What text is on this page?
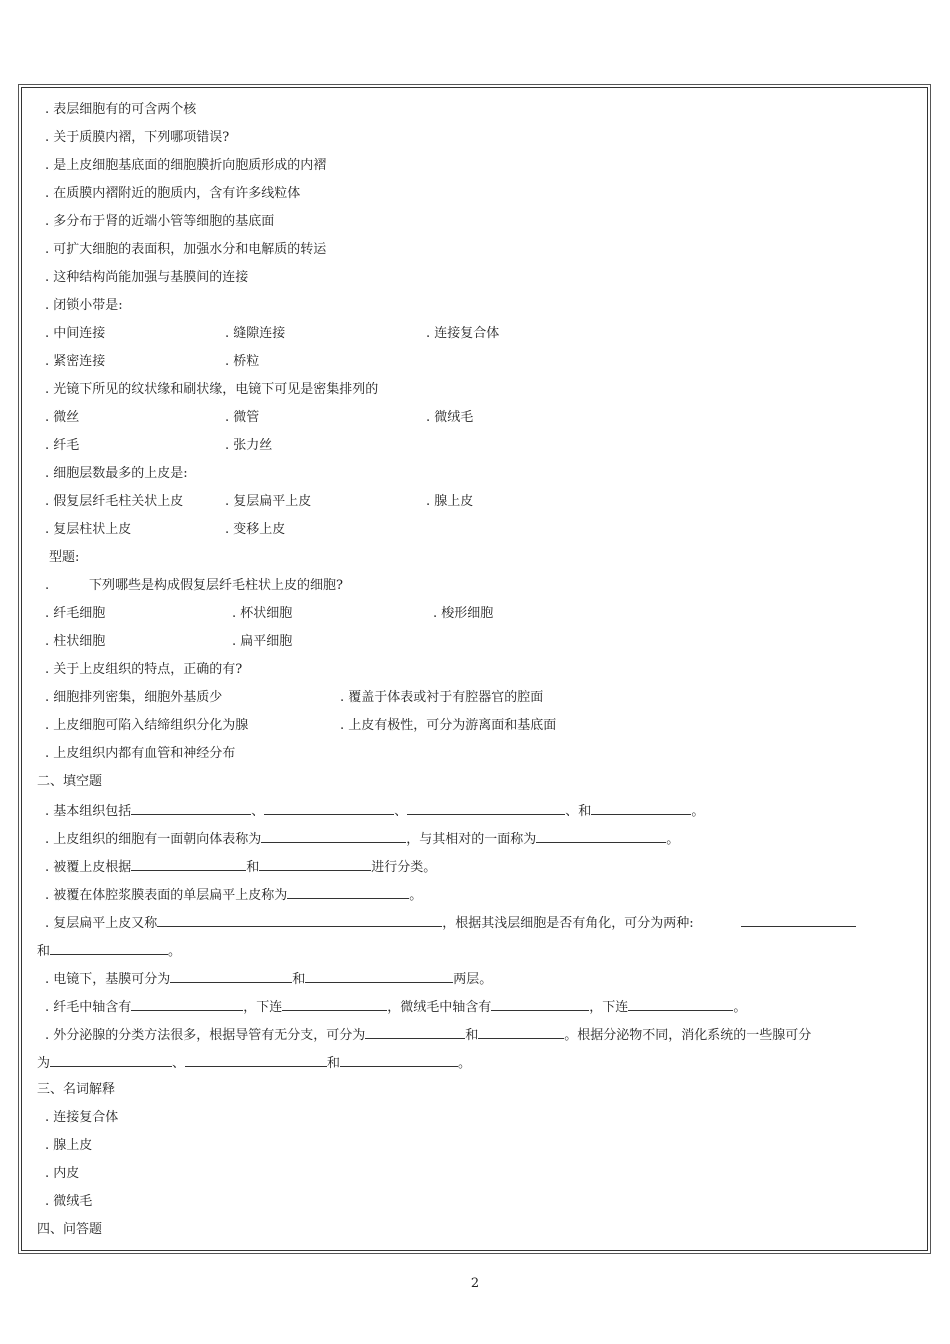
. 表层细胞有的可含两个核
. 关于质膜内褶，下列哪项错误?
. 是上皮细胞基底面的细胞膜折向胞质形成的内褶
. 在质膜内褶附近的胞质内，含有许多线粒体
. 多分布于肾的近端小管等细胞的基底面
. 可扩大细胞的表面积，加强水分和电解质的转运
. 这种结构尚能加强与基膜间的连接
. 闭锁小带是:
. 中间连接	. 缝隙连接	. 连接复合体
. 紧密连接	. 桥粒
. 光镜下所见的纹状缘和刷状缘，电镜下可见是密集排列的
. 微丝	. 微管	. 微绒毛
. 纤毛	. 张力丝
. 细胞层数最多的上皮是:
. 假复层纤毛柱关状上皮	. 复层扁平上皮	. 腺上皮
. 复层柱状上皮	. 变移上皮
型题:
.	下列哪些是构成假复层纤毛柱状上皮的细胞?
. 纤毛细胞	. 杯状细胞	. 梭形细胞
. 柱状细胞	. 扁平细胞
. 关于上皮组织的特点，正确的有?
. 细胞排列密集，细胞外基质少	. 覆盖于体表或衬于有腔器官的腔面
. 上皮细胞可陷入结缔组织分化为腺	. 上皮有极性，可分为游离面和基底面
. 上皮组织内都有血管和神经分布
二、填空题
. 基本组织包括	、	、	、和	。
. 上皮组织的细胞有一面朝向体表称为	，与其相对的一面称为	。
. 被覆上皮根据	和	进行分类。
. 被覆在体腔浆膜表面的单层扁平上皮称为	。
. 复层扁平上皮又称	，根据其浅层细胞是否有角化，可分为两种:
和	。
. 电镜下，基膜可分为	和	两层。
. 纤毛中轴含有	，下连	，微绒毛中轴含有	，下连	。
. 外分泌腺的分类方法很多，根据导管有无分支，可分为	和	。根据分泌物不同，消化系统的一些腺可分
为	、	和	。
三、名词解释
. 连接复合体
. 腺上皮
. 内皮
. 微绒毛
四、问答题
2
